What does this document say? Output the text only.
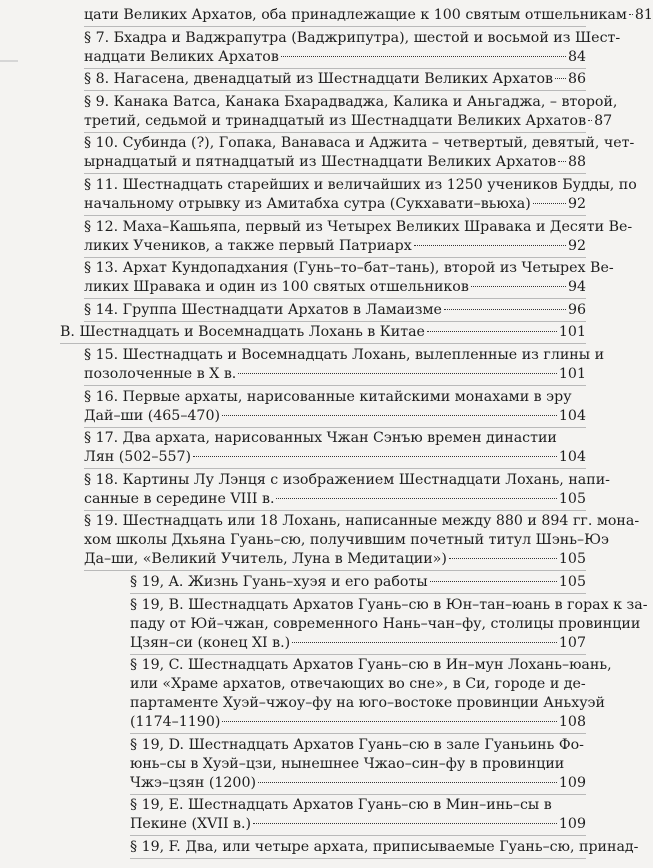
цати Великих Архатов, оба принадлежащие к 100 святым отшельникам 81
§ 7. Бхадра и Ваджрапутра (Ваджрипутра), шестой и восьмой из Шест-
надцати Великих Архатов	84
§ 8. Нагасена, двенадцатый из Шестнадцати Великих Архатов 86
§ 9. Канака Ватса, Канака Бхарадваджа, Калика и Аньгаджа, – второй,
третий, седьмой и тринадцатый из Шестнадцати Великих Архатов 87
§ 10. Субинда (?), Гопака, Ванаваса и Аджита – четвертый, девятый, чет-
ырнадцатый и пятнадцатый из Шестнадцати Великих Архатов 88
§ 11. Шестнадцать старейших и величайших из 1250 учеников Будды, по
начальному отрывку из Амитабха сутра (Сукхавати–вьюха)	92
§ 12. Маха–Кашьяпа, первый из Четырех Великих Шравака и Десяти Ве-
ликих Учеников, а также первый Патриарх	92
§ 13. Архат Кундопадхания (Гунь–то–бат–тань), второй из Четырех Ве-
ликих Шравака и один из 100 святых отшельников	94
§ 14. Группа Шестнадцати Архатов в Ламаизме	96
В. Шестнадцать и Восемнадцать Лохань в Китае	101
§ 15. Шестнадцать и Восемнадцать Лохань, вылепленные из глины и
позолоченные в X в.	101
§ 16. Первые архаты, нарисованные китайскими монахами в эру
Дай–ши (465–470)	104
§ 17. Два архата, нарисованных Чжан Сэнъю времен династии
Лян (502–557)	104
§ 18. Картины Лу Лэнця с изображением Шестнадцати Лохань, напи-
санные в середине VIII в.	105
§ 19. Шестнадцать или 18 Лохань, написанные между 880 и 894 гг. мона-
хом школы Дхьяна Гуань–сю, получившим почетный титул Шэнь–Юэ
Да–ши, «Великий Учитель, Луна в Медитации»)	105
§ 19, A. Жизнь Гуань–хуэя и его работы	105
§ 19, B. Шестнадцать Архатов Гуань–сю в Юн–тан–юань в горах к за-
паду от Юй–чжан, современного Нань–чан–фу, столицы провинции
Цзян–си (конец XI в.)	107
§ 19, C. Шестнадцать Архатов Гуань–сю в Ин–мун Лохань–юань,
или «Храме архатов, отвечающих во сне», в Си, городе и де-
партаменте Хуэй–чжоу–фу на юго–востоке провинции Аньхуэй
(1174–1190)	108
§ 19, D. Шестнадцать Архатов Гуань–сю в зале Гуаньинь Фо-
юнь–сы в Хуэй–цзи, нынешнее Чжао–син–фу в провинции
Чжэ–цзян (1200)	109
§ 19, E. Шестнадцать Архатов Гуань–сю в Мин–инь–сы в
Пекине (XVII в.)	109
§ 19, F. Два, или четыре архата, приписываемые Гуань–сю, принад-
